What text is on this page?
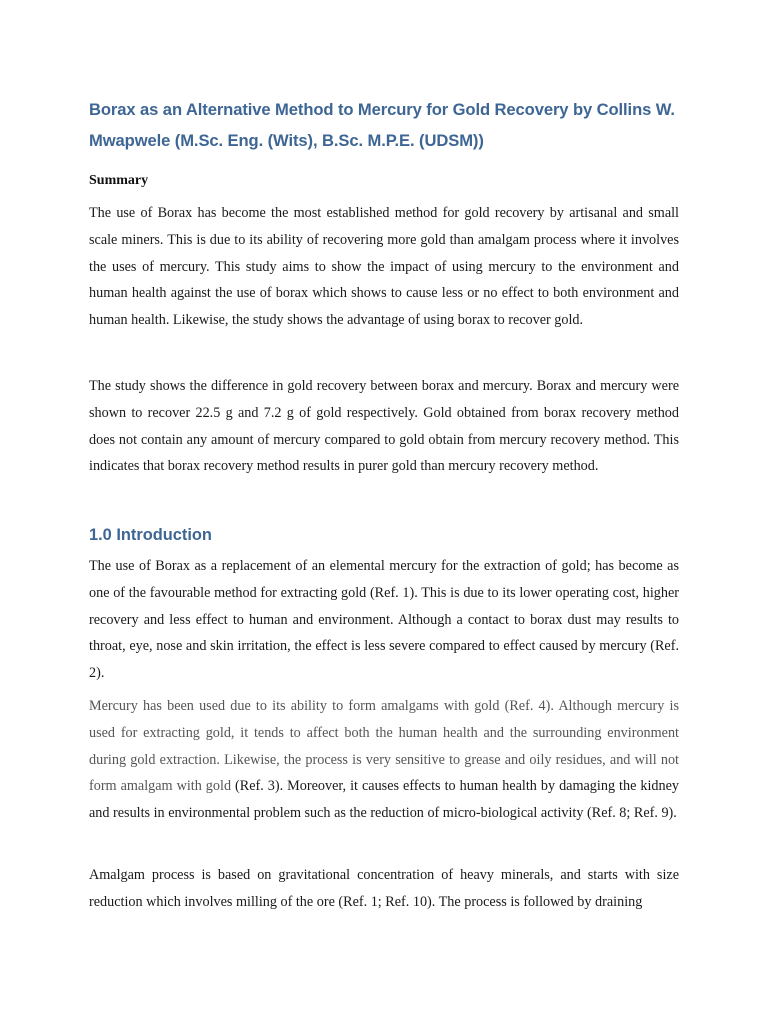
Borax as an Alternative Method to Mercury for Gold Recovery by Collins W. Mwapwele (M.Sc. Eng. (Wits), B.Sc. M.P.E. (UDSM))
Summary

The use of Borax has become the most established method for gold recovery by artisanal and small scale miners. This is due to its ability of recovering more gold than amalgam process where it involves the uses of mercury. This study aims to show the impact of using mercury to the environment and human health against the use of borax which shows to cause less or no effect to both environment and human health. Likewise, the study shows the advantage of using borax to recover gold.

The study shows the difference in gold recovery between borax and mercury. Borax and mercury were shown to recover 22.5 g and 7.2 g of gold respectively. Gold obtained from borax recovery method does not contain any amount of mercury compared to gold obtain from mercury recovery method. This indicates that borax recovery method results in purer gold than mercury recovery method.

1.0 Introduction

The use of Borax as a replacement of an elemental mercury for the extraction of gold; has become as one of the favourable method for extracting gold (Ref. 1). This is due to its lower operating cost, higher recovery and less effect to human and environment. Although a contact to borax dust may results to throat, eye, nose and skin irritation, the effect is less severe compared to effect caused by mercury (Ref. 2).

Mercury has been used due to its ability to form amalgams with gold (Ref. 4). Although mercury is used for extracting gold, it tends to affect both the human health and the surrounding environment during gold extraction. Likewise, the process is very sensitive to grease and oily residues, and will not form amalgam with gold (Ref. 3). Moreover, it causes effects to human health by damaging the kidney and results in environmental problem such as the reduction of micro-biological activity (Ref. 8; Ref. 9).

Amalgam process is based on gravitational concentration of heavy minerals, and starts with size reduction which involves milling of the ore (Ref. 1; Ref. 10). The process is followed by draining
